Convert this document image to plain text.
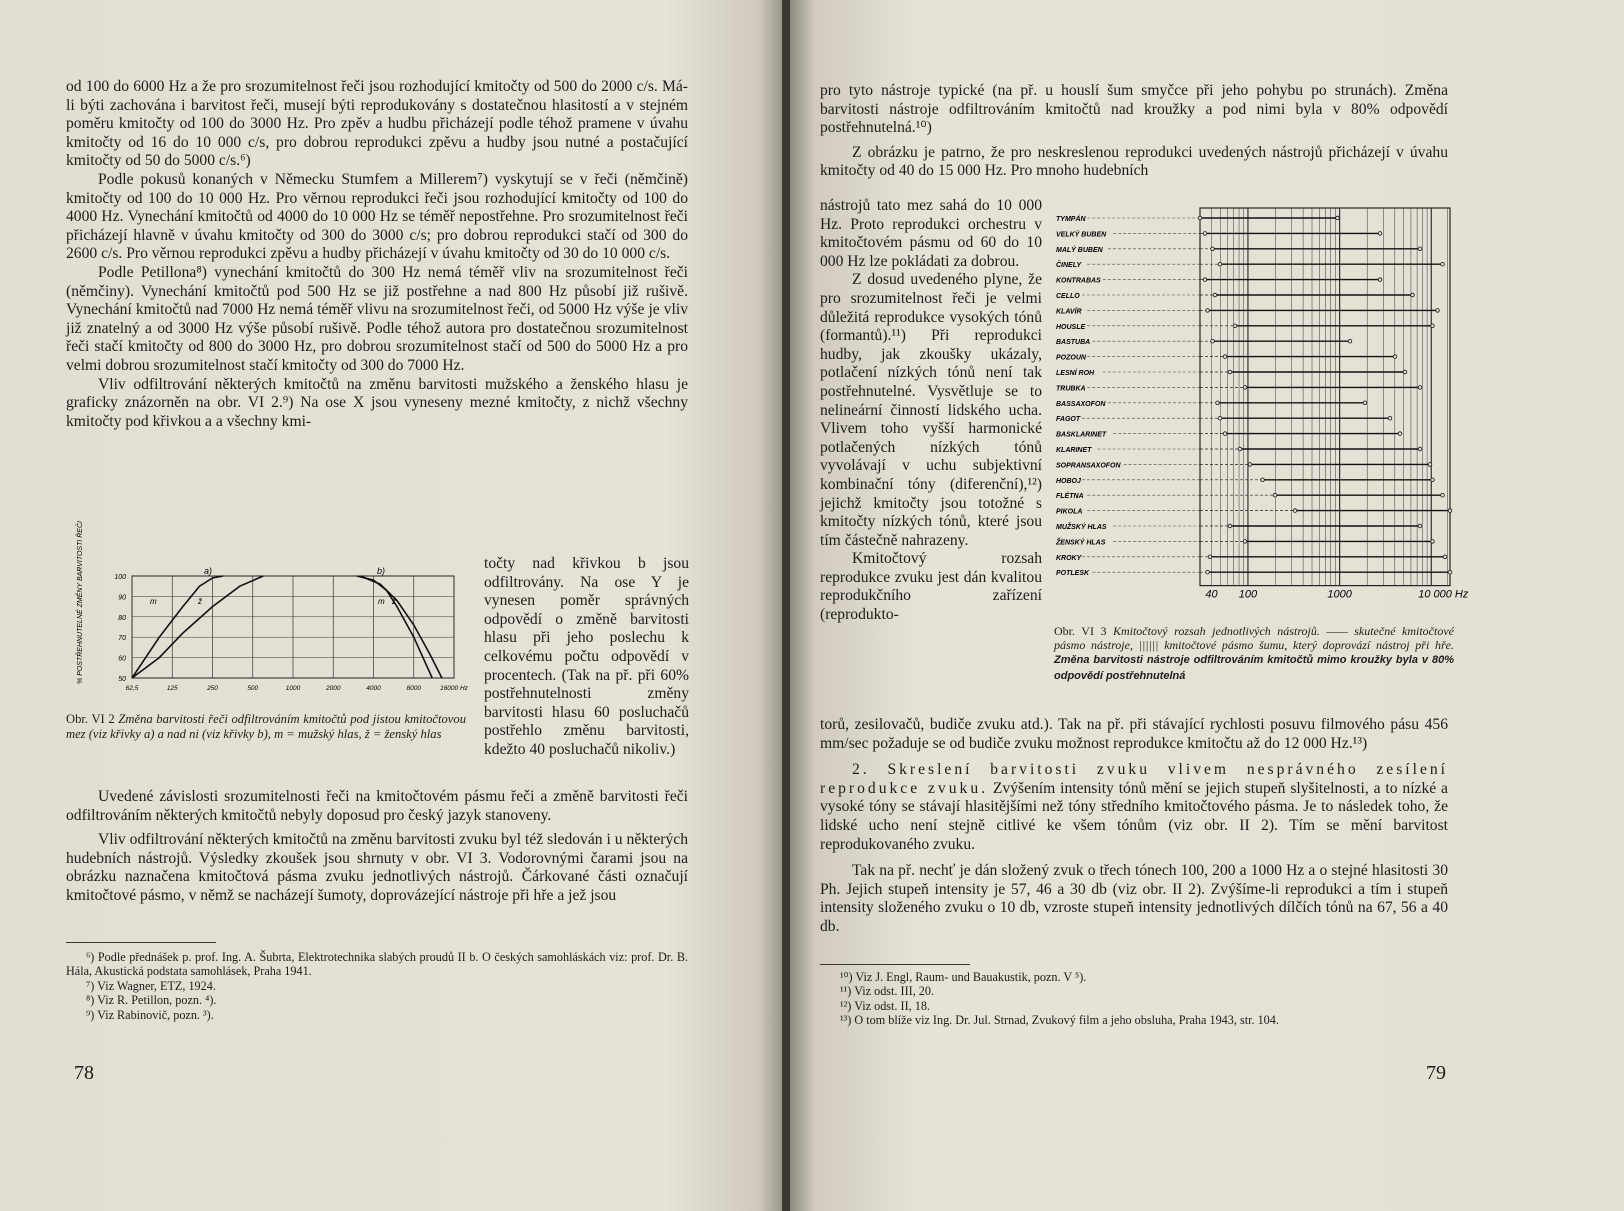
od 100 do 6000 Hz a že pro srozumitelnost řeči jsou rozhodující kmitočty od 500 do 2000 c/s. Má-li býti zachována i barvitost řeči, musejí býti reprodukovány s dostatečnou hlasitostí a v stejném poměru kmitočty od 100 do 3000 Hz. Pro zpěv a hudbu přicházejí podle téhož pramene v úvahu kmitočty od 16 do 10 000 c/s, pro dobrou reprodukci zpěvu a hudby jsou nutné a postačující kmitočty od 50 do 5000 c/s.⁶)

Podle pokusů konaných v Německu Stumfem a Millerem⁷) vyskytují se v řeči (němčině) kmitočty od 100 do 10 000 Hz. Pro věrnou reprodukci řeči jsou rozhodující kmitočty od 100 do 4000 Hz. Vynechání kmitočtů od 4000 do 10 000 Hz se téměř nepostřehne. Pro srozumitelnost řeči přicházejí hlavně v úvahu kmitočty od 300 do 3000 c/s; pro dobrou reprodukci stačí od 300 do 2600 c/s. Pro věrnou reprodukci zpěvu a hudby přicházejí v úvahu kmitočty od 30 do 10 000 c/s.

Podle Petillona⁸) vynechání kmitočtů do 300 Hz nemá téměř vliv na srozumitelnost řeči (němčiny). Vynechání kmitočtů pod 500 Hz se již postřehne a nad 800 Hz působí již rušivě. Vynechání kmitočtů nad 7000 Hz nemá téměř vlivu na srozumitelnost řeči, od 5000 Hz výše je vliv již znatelný a od 3000 Hz výše působí rušivě. Podle téhož autora pro dostatečnou srozumitelnost řeči stačí kmitočty od 800 do 3000 Hz, pro dobrou srozumitelnost stačí od 500 do 5000 Hz a pro velmi dobrou srozumitelnost stačí kmitočty od 300 do 7000 Hz.

Vliv odfiltrování některých kmitočtů na změnu barvitosti mužského a ženského hlasu je graficky znázorněn na obr. VI 2.⁹) Na ose X jsou vyneseny mezné kmitočty, z nichž všechny kmitočty pod křivkou a a všechny kmi-

% POSTŘEHNUTELNÉ ZMĚNY BARVITOSTI ŘEČI	100
90
80
70
60
50
62,5	125	250	500	1000	2000	4000	8000	16000 Hz
a)	b)
m	ž	m ž
Obr. VI 2 Změna barvitosti řeči odfiltrováním kmitočtů pod jistou kmitočtovou mez (viz křivky a) a nad ni (viz křivky b), m = mužský hlas, ž = ženský hlas

točty nad křivkou b jsou odfiltrovány. Na ose Y je vynesen poměr správných odpovědí o změně barvitosti hlasu při jeho poslechu k celkovému počtu odpovědí v procentech. (Tak na př. při 60% postřehnutelnosti změny barvitosti hlasu 60 posluchačů postřehlo změnu barvitosti, kdežto 40 posluchačů nikoliv.)

Uvedené závislosti srozumitelnosti řeči na kmitočtovém pásmu řeči a změně barvitosti řeči odfiltrováním některých kmitočtů nebyly doposud pro český jazyk stanoveny.

Vliv odfiltrování některých kmitočtů na změnu barvitosti zvuku byl též sledován i u některých hudebních nástrojů. Výsledky zkoušek jsou shrnuty v obr. VI 3. Vodorovnými čarami jsou na obrázku naznačena kmitočtová pásma zvuku jednotlivých nástrojů. Čárkované části označují kmitočtové pásmo, v němž se nacházejí šumoty, doprovázející nástroje při hře a jež jsou

⁶) Podle přednášek p. prof. Ing. A. Šubrta, Elektrotechnika slabých proudů II b. O českých samohláskách viz: prof. Dr. B. Hála, Akustická podstata samohlásek, Praha 1941.

⁷) Viz Wagner, ETZ, 1924.

⁸) Viz R. Petillon, pozn. ⁴).

⁹) Viz Rabinovič, pozn. ³).

78

pro tyto nástroje typické (na př. u houslí šum smyčce při jeho pohybu po strunách). Změna barvitosti nástroje odfiltrováním kmitočtů nad kroužky a pod nimi byla v 80% odpovědí postřehnutelná.¹⁰)

Z obrázku je patrno, že pro neskreslenou reprodukci uvedených nástrojů přicházejí v úvahu kmitočty od 40 do 15 000 Hz. Pro mnoho hudebních

nástrojů tato mez sahá do 10 000 Hz. Proto reprodukci orchestru v kmitočtovém pásmu od 60 do 10 000 Hz lze pokládati za dobrou.

Z dosud uvedeného plyne, že pro srozumitelnost řeči je velmi důležitá reprodukce vysokých tónů (formantů).¹¹) Při reprodukci hudby, jak zkoušky ukázaly, potlačení nízkých tónů není tak postřehnutelné. Vysvětluje se to nelineární činností lidského ucha. Vlivem toho vyšší harmonické potlačených nízkých tónů vyvolávají v uchu subjektivní kombinační tóny (diferenční),¹²) jejichž kmitočty jsou totožné s kmitočty nízkých tónů, které jsou tím částečně nahrazeny.

Kmitočtový rozsah reprodukce zvuku jest dán kvalitou reprodukčního zařízení (reprodukto-

TYMPÁN
VELKÝ BUBEN
MALÝ BUBEN
ČINELY
KONTRABAS
CELLO
KLAVÍR
HOUSLE
BASTUBA
POZOUN
LESNÍ ROH
TRUBKA
BASSAXOFON
FAGOT
BASKLARINET
KLARINET
SOPRANSAXOFON
HOBOJ
FLÉTNA
PIKOLA
MUŽSKÝ HLAS
ŽENSKÝ HLAS
KROKY
POTLESK
40 100	1000	10 000 Hz
Obr. VI 3 Kmitočtový rozsah jednotlivých nástrojů. —— skutečné kmitočtové pásmo nástroje, |||||| kmitočtové pásmo šumu, který doprovází nástroj při hře. Změna barvitosti nástroje odfiltrováním kmitočtů mimo kroužky byla v 80% odpovědí postřehnutelná

torů, zesilovačů, budiče zvuku atd.). Tak na př. při stávající rychlosti posuvu filmového pásu 456 mm/sec požaduje se od budiče zvuku možnost reprodukce kmitočtu až do 12 000 Hz.¹³)

2. Skreslení barvitosti zvuku vlivem nesprávného zesílení reprodukce zvuku. Zvýšením intensity tónů mění se jejich stupeň slyšitelnosti, a to nízké a vysoké tóny se stávají hlasitějšími než tóny středního kmitočtového pásma. Je to následek toho, že lidské ucho není stejně citlivé ke všem tónům (viz obr. II 2). Tím se mění barvitost reprodukovaného zvuku.

Tak na př. nechť je dán složený zvuk o třech tónech 100, 200 a 1000 Hz a o stejné hlasitosti 30 Ph. Jejich stupeň intensity je 57, 46 a 30 db (viz obr. II 2). Zvýšíme-li reprodukci a tím i stupeň intensity složeného zvuku o 10 db, vzroste stupeň intensity jednotlivých dílčích tónů na 67, 56 a 40 db.

¹⁰) Viz J. Engl, Raum- und Bauakustik, pozn. V ⁵).

¹¹) Viz odst. III, 20.

¹²) Viz odst. II, 18.

¹³) O tom blíže viz Ing. Dr. Jul. Strnad, Zvukový film a jeho obsluha, Praha 1943, str. 104.

79
